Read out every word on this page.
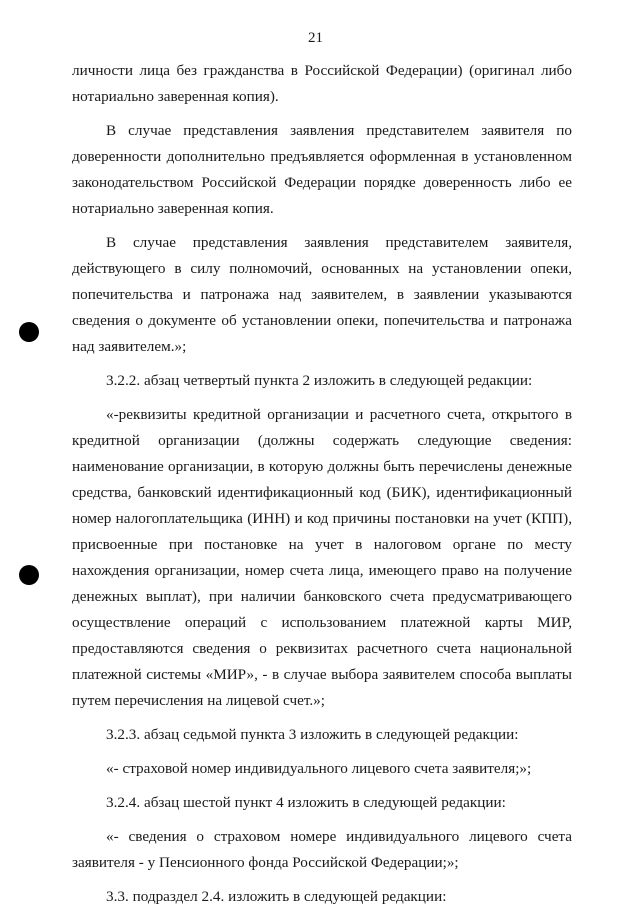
21

личности лица без гражданства в Российской Федерации) (оригинал либо нотариально заверенная копия).

В случае представления заявления представителем заявителя по доверенности дополнительно предъявляется оформленная в установленном законодательством Российской Федерации порядке доверенность либо ее нотариально заверенная копия.

В случае представления заявления представителем заявителя, действующего в силу полномочий, основанных на установлении опеки, попечительства и патронажа над заявителем, в заявлении указываются сведения о документе об установлении опеки, попечительства и патронажа над заявителем.»;

3.2.2. абзац четвертый пункта 2 изложить в следующей редакции:

«-реквизиты кредитной организации и расчетного счета, открытого в кредитной организации (должны содержать следующие сведения: наименование организации, в которую должны быть перечислены денежные средства, банковский идентификационный код (БИК), идентификационный номер налогоплательщика (ИНН) и код причины постановки на учет (КПП), присвоенные при постановке на учет в налоговом органе по месту нахождения организации, номер счета лица, имеющего право на получение денежных выплат), при наличии банковского счета предусматривающего осуществление операций с использованием платежной карты МИР, предоставляются сведения о реквизитах расчетного счета национальной платежной системы «МИР», - в случае выбора заявителем способа выплаты путем перечисления на лицевой счет.»;

3.2.3. абзац седьмой пункта 3 изложить в следующей редакции:

«- страховой номер индивидуального лицевого счета заявителя;»;

3.2.4. абзац шестой пункт 4 изложить в следующей редакции:

«- сведения о страховом номере индивидуального лицевого счета заявителя - у Пенсионного фонда Российской Федерации;»;

3.3. подраздел 2.4. изложить в следующей редакции:
